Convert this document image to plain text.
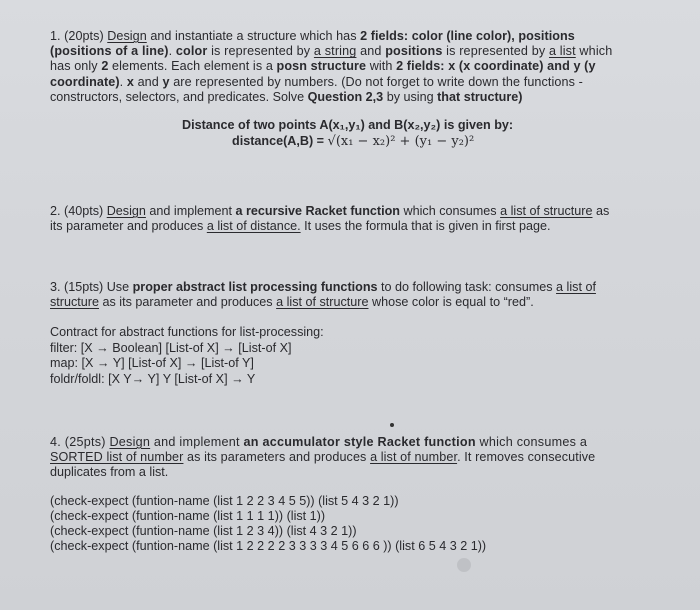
1. (20pts) Design and instantiate a structure which has 2 fields: color (line color), positions
(positions of a line). color is represented by a string and positions is represented by a list which
has only 2 elements. Each element is a posn structure with 2 fields: x (x coordinate) and y (y
coordinate). x and y are represented by numbers. (Do not forget to write down the functions -
constructors, selectors, and predicates. Solve Question 2,3 by using that structure)
Distance of two points A(x₁,y₁) and B(x₂,y₂) is given by:
distance(A,B) = √(x₁ − x₂)² + (y₁ − y₂)²
2. (40pts) Design and implement a recursive Racket function which consumes a list of structure as
its parameter and produces a list of distance. It uses the formula that is given in first page.
3. (15pts) Use proper abstract list processing functions to do following task: consumes a list of
structure as its parameter and produces a list of structure whose color is equal to “red”.
Contract for abstract functions for list-processing:
filter: [X → Boolean] [List-of X] → [List-of X]
map: [X → Y] [List-of X] → [List-of Y]
foldr/foldl: [X Y→ Y] Y [List-of X] → Y
4. (25pts) Design and implement an accumulator style Racket function which consumes a
SORTED list of number as its parameters and produces a list of number. It removes consecutive
duplicates from a list.
(check-expect (funtion-name (list 1 2 2 3 4 5 5)) (list 5 4 3 2 1))
(check-expect (funtion-name (list 1 1 1 1)) (list 1))
(check-expect (funtion-name (list 1 2 3 4)) (list 4 3 2 1))
(check-expect (funtion-name (list 1 2 2 2 2 3 3 3 3 4 5 6 6 6 )) (list 6 5 4 3 2 1))
